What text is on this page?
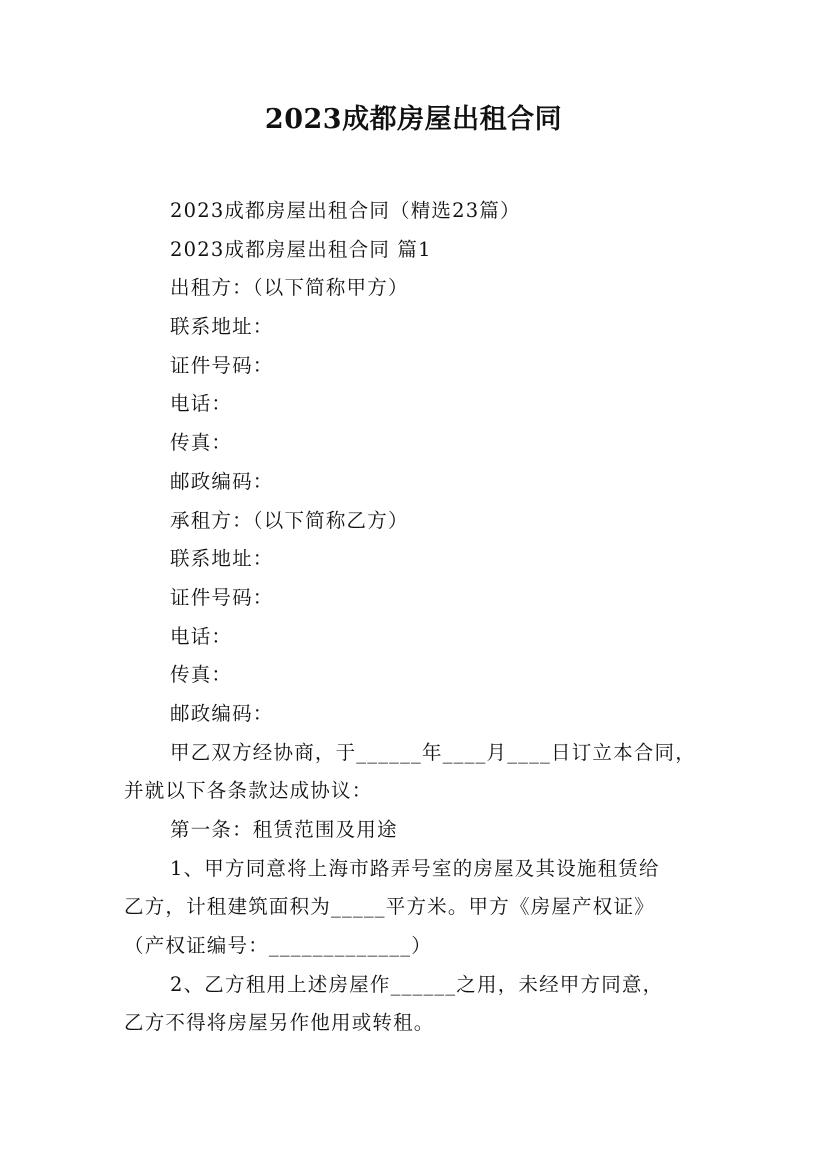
2023成都房屋出租合同
2023成都房屋出租合同（精选23篇）
2023成都房屋出租合同 篇1
出租方：（以下简称甲方）
联系地址：
证件号码：
电话：
传真：
邮政编码：
承租方：（以下简称乙方）
联系地址：
证件号码：
电话：
传真：
邮政编码：
甲乙双方经协商，于______年____月____日订立本合同，
并就以下各条款达成协议：
第一条：租赁范围及用途
1、甲方同意将上海市路弄号室的房屋及其设施租赁给
乙方，计租建筑面积为_____平方米。甲方《房屋产权证》
（产权证编号：_____________）
2、乙方租用上述房屋作______之用，未经甲方同意，
乙方不得将房屋另作他用或转租。
